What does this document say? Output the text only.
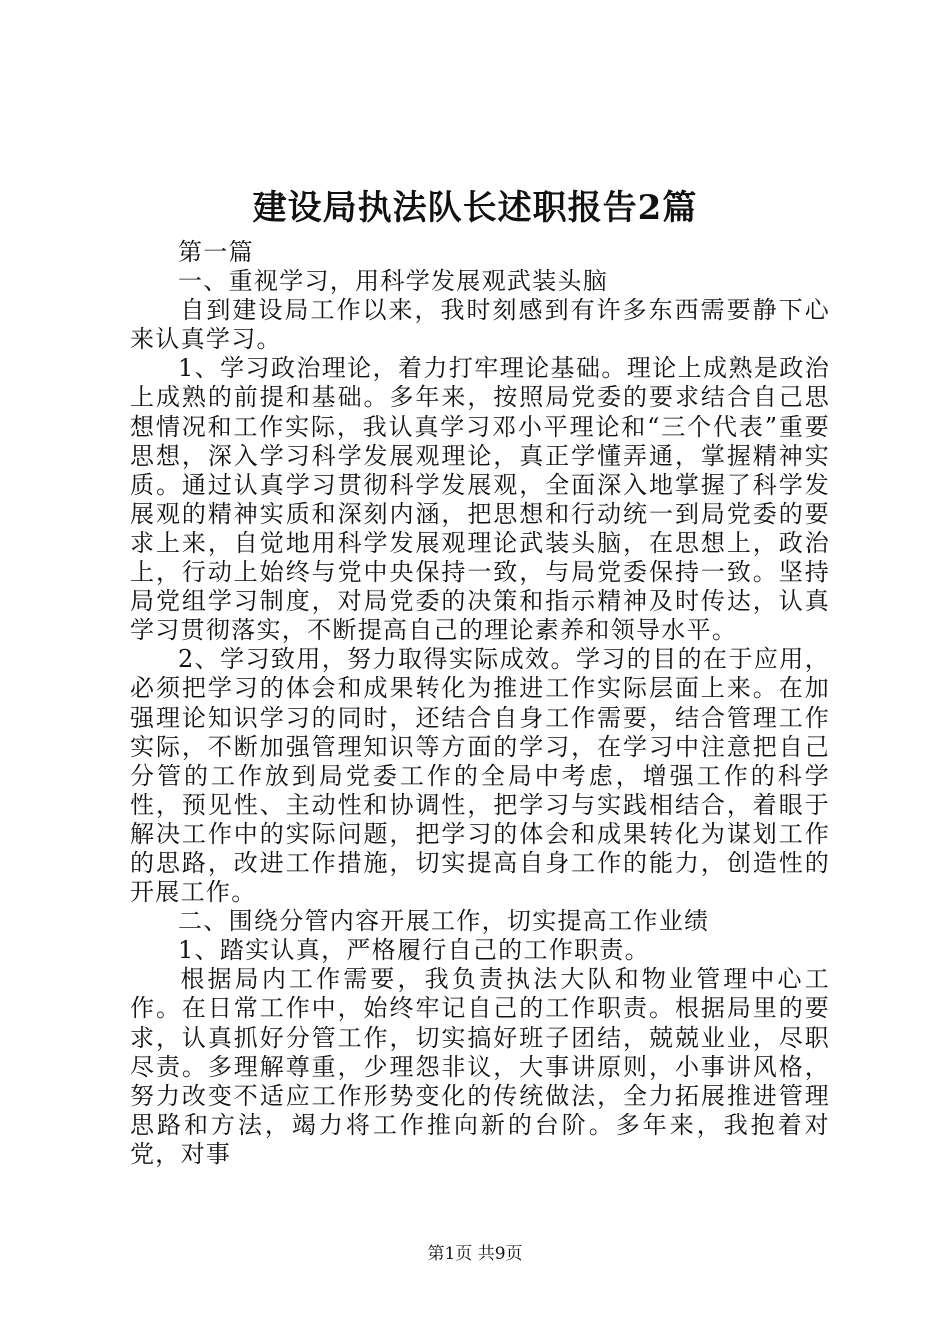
建设局执法队长述职报告2篇

第一篇

一、重视学习，用科学发展观武装头脑

自到建设局工作以来，我时刻感到有许多东西需要静下心来认真学习。

1、学习政治理论，着力打牢理论基础。理论上成熟是政治上成熟的前提和基础。多年来，按照局党委的要求结合自己思想情况和工作实际，我认真学习邓小平理论和“三个代表”重要思想，深入学习科学发展观理论，真正学懂弄通，掌握精神实质。通过认真学习贯彻科学发展观，全面深入地掌握了科学发展观的精神实质和深刻内涵，把思想和行动统一到局党委的要求上来，自觉地用科学发展观理论武装头脑，在思想上，政治上，行动上始终与党中央保持一致，与局党委保持一致。坚持局党组学习制度，对局党委的决策和指示精神及时传达，认真学习贯彻落实，不断提高自己的理论素养和领导水平。

2、学习致用，努力取得实际成效。学习的目的在于应用，必须把学习的体会和成果转化为推进工作实际层面上来。在加强理论知识学习的同时，还结合自身工作需要，结合管理工作实际，不断加强管理知识等方面的学习，在学习中注意把自己分管的工作放到局党委工作的全局中考虑，增强工作的科学性，预见性、主动性和协调性，把学习与实践相结合，着眼于解决工作中的实际问题，把学习的体会和成果转化为谋划工作的思路，改进工作措施，切实提高自身工作的能力，创造性的开展工作。

二、围绕分管内容开展工作，切实提高工作业绩

1、踏实认真，严格履行自己的工作职责。

根据局内工作需要，我负责执法大队和物业管理中心工作。在日常工作中，始终牢记自己的工作职责。根据局里的要求，认真抓好分管工作，切实搞好班子团结，兢兢业业，尽职尽责。多理解尊重，少理怨非议，大事讲原则，小事讲风格，努力改变不适应工作形势变化的传统做法，全力拓展推进管理思路和方法，竭力将工作推向新的台阶。多年来，我抱着对党，对事

第1页 共9页
